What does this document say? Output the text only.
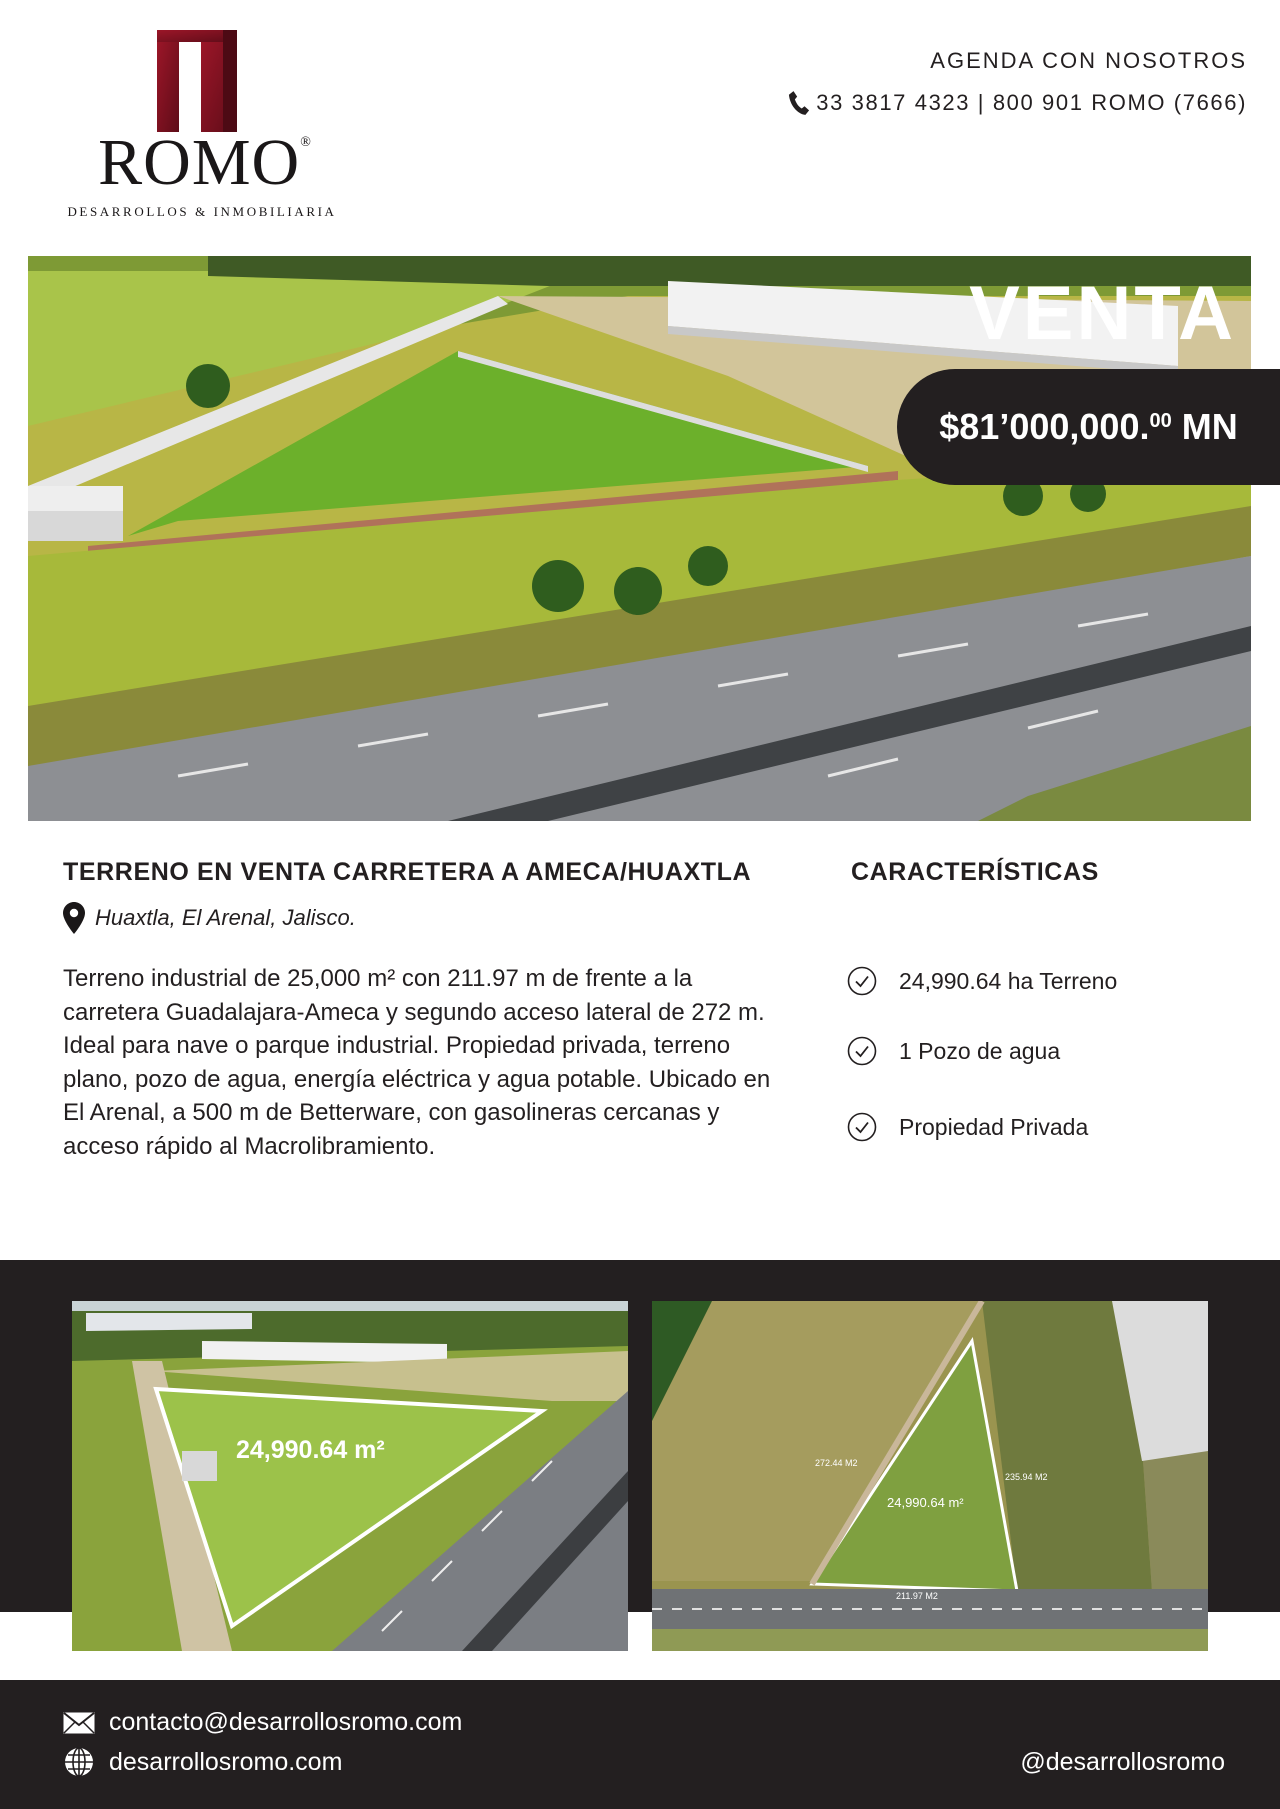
ROMO®
DESARROLLOS & INMOBILIARIA
AGENDA CON NOSOTROS
33 3817 4323 | 800 901 ROMO (7666)
VENTA
$81’000,000.00 MN
TERRENO EN VENTA CARRETERA A AMECA/HUAXTLA
Huaxtla, El Arenal, Jalisco.
Terreno industrial de 25,000 m² con 211.97 m de frente a la carretera Guadalajara-Ameca y segundo acceso lateral de 272 m. Ideal para nave o parque industrial. Propiedad privada, terreno plano, pozo de agua, energía eléctrica y agua potable. Ubicado en El Arenal, a 500 m de Betterware, con gasolineras cercanas y acceso rápido al Macrolibramiento.
CARACTERÍSTICAS
24,990.64 ha Terreno
1 Pozo de agua
Propiedad Privada
24,990.64 m²
24,990.64 m²
272.44 M2
235.94 M2
211.97 M2
contacto@desarrollosromo.com
desarrollosromo.com	@desarrollosromo
